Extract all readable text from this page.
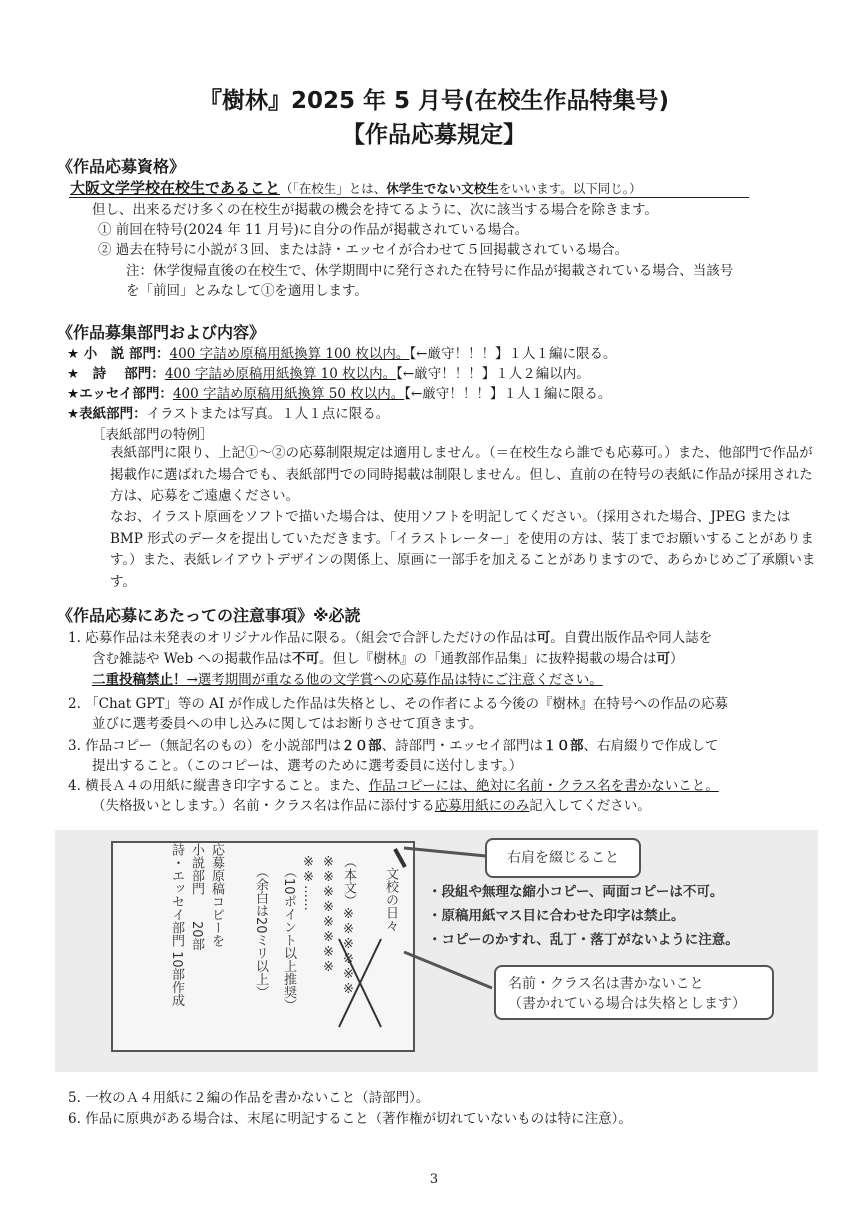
『樹林』2025 年 5 月号(在校生作品特集号)
【作品応募規定】
《作品応募資格》
大阪文学学校在校生であること（「在校生」とは、休学生でない文校生をいいます。以下同じ。）
但し、出来るだけ多くの在校生が掲載の機会を持てるように、次に該当する場合を除きます。
① 前回在特号(2024 年 11 月号)に自分の作品が掲載されている場合。
② 過去在特号に小説が３回、または詩・エッセイが合わせて５回掲載されている場合。
注：休学復帰直後の在校生で、休学期間中に発行された在特号に作品が掲載されている場合、当該号
を「前回」とみなして①を適用します。
《作品募集部門および内容》
★ 小　説 部門：400 字詰め原稿用紙換算 100 枚以内。【←厳守！！！】１人１編に限る。
★　詩　 部門：400 字詰め原稿用紙換算 10 枚以内。【←厳守！！！】１人２編以内。
★エッセイ部門：400 字詰め原稿用紙換算 50 枚以内。【←厳守！！！】１人１編に限る。
★表紙部門：イラストまたは写真。１人１点に限る。
［表紙部門の特例］
表紙部門に限り、上記①～②の応募制限規定は適用しません。（＝在校生なら誰でも応募可。）また、他部門で作品が掲載作に選ばれた場合でも、表紙部門での同時掲載は制限しません。但し、直前の在特号の表紙に作品が採用された方は、応募をご遠慮ください。
なお、イラスト原画をソフトで描いた場合は、使用ソフトを明記してください。（採用された場合、JPEG または BMP 形式のデータを提出していただきます。「イラストレーター」を使用の方は、装丁までお願いすることがあります。）また、表紙レイアウトデザインの関係上、原画に一部手を加えることがありますので、あらかじめご了承願います。
《作品応募にあたっての注意事項》※必読
1. 応募作品は未発表のオリジナル作品に限る。（組会で合評しただけの作品は可。自費出版作品や同人誌を
含む雑誌や Web への掲載作品は不可。但し『樹林』の「通教部作品集」に抜粋掲載の場合は可）
二重投稿禁止！→選考期間が重なる他の文学賞への応募作品は特にご注意ください。
2. 「Chat GPT」等の AI が作成した作品は失格とし、その作者による今後の『樹林』在特号への作品の応募
並びに選考委員への申し込みに関してはお断りさせて頂きます。
3. 作品コピー（無記名のもの）を小説部門は２０部、詩部門・エッセイ部門は１０部、右肩綴りで作成して
提出すること。（このコピーは、選考のために選考委員に送付します。）
4. 横長Ａ４の用紙に縦書き印字すること。また、作品コピーには、絶対に名前・クラス名を書かないこと。
（失格扱いとします。）名前・クラス名は作品に添付する応募用紙にのみ記入してください。
文校の日々
（本文）※※※※※※
※※※※※※※※
※※……
（10ポイント以上推奨）
（余白は20ミリ以上）
応募原稿コピーを
小説部門　　20部
詩・エッセイ部門 10部作成	右肩を綴じること
・段組や無理な縮小コピー、両面コピーは不可。
・原稿用紙マス目に合わせた印字は禁止。
・コピーのかすれ、乱丁・落丁がないように注意。
名前・クラス名は書かないこと
（書かれている場合は失格とします）
5. 一枚のＡ４用紙に２編の作品を書かないこと（詩部門）。
6. 作品に原典がある場合は、末尾に明記すること（著作権が切れていないものは特に注意）。
3
